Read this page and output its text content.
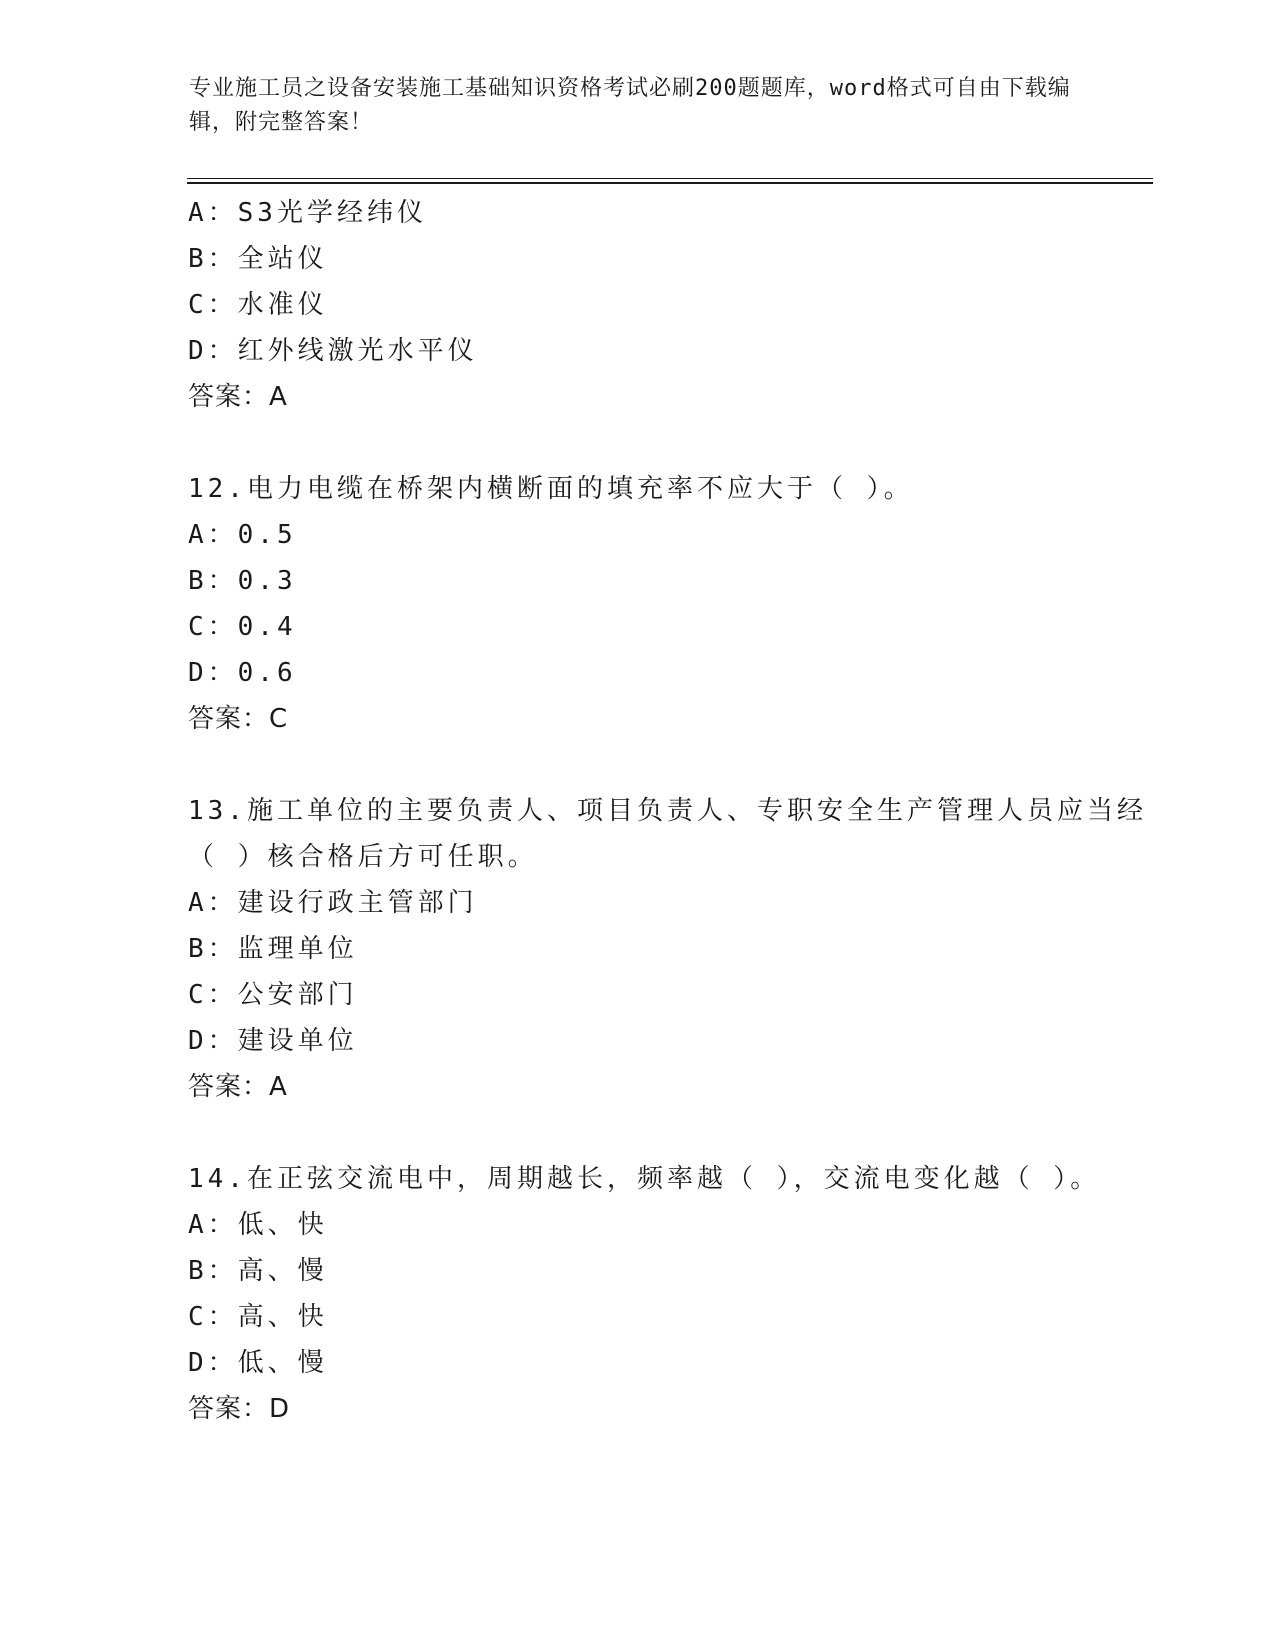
专业施工员之设备安装施工基础知识资格考试必刷200题题库，word格式可自由下载编辑，附完整答案！
A：S3光学经纬仪
B：全站仪
C：水准仪
D：红外线激光水平仪
答案：A
12.电力电缆在桥架内横断面的填充率不应大于（ ）。
A：0.5
B：0.3
C：0.4
D：0.6
答案：C
13.施工单位的主要负责人、项目负责人、专职安全生产管理人员应当经（ ）核合格后方可任职。
A：建设行政主管部门
B：监理单位
C：公安部门
D：建设单位
答案：A
14.在正弦交流电中，周期越长，频率越（ ），交流电变化越（ ）。
A：低、快
B：高、慢
C：高、快
D：低、慢
答案：D
